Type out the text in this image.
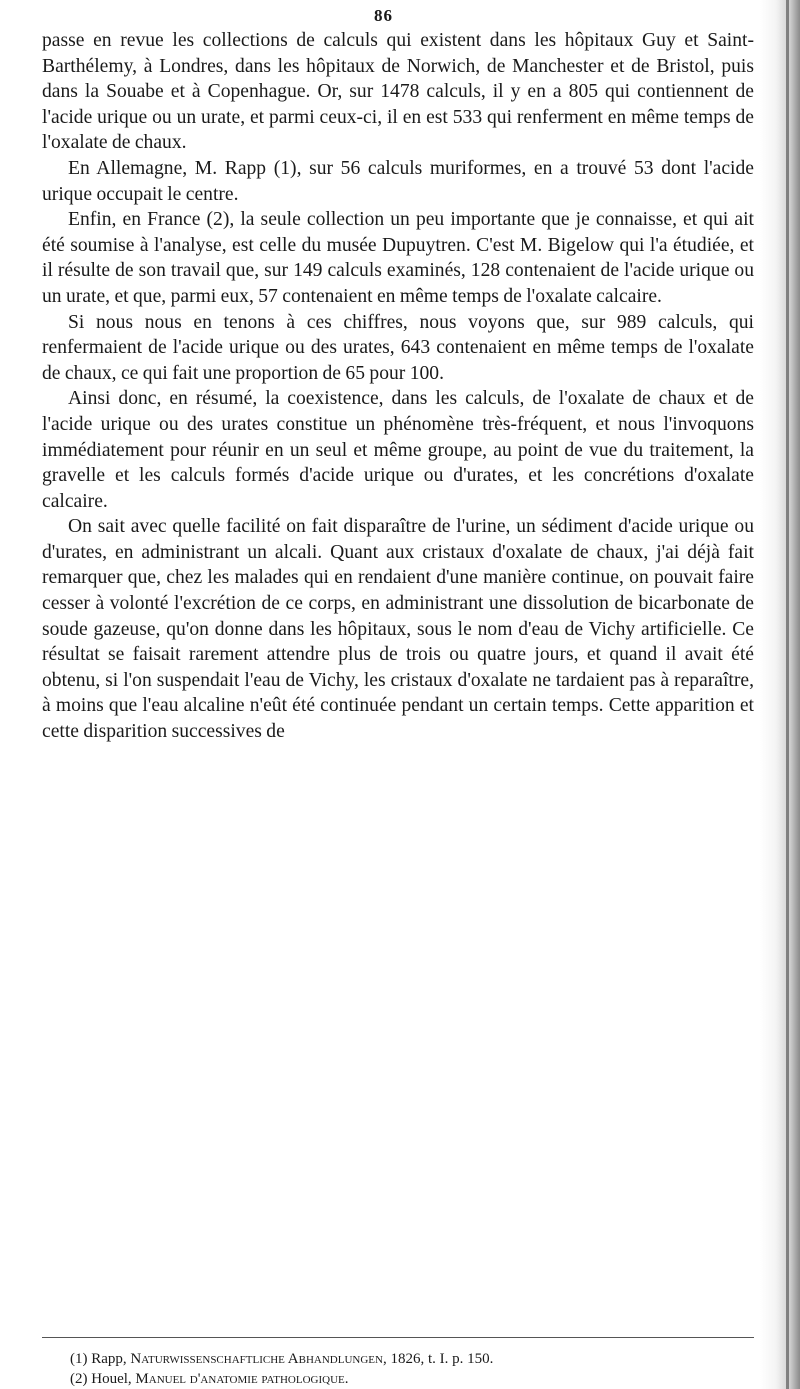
86

passe en revue les collections de calculs qui existent dans les hôpitaux Guy et Saint-Barthélemy, à Londres, dans les hôpitaux de Norwich, de Manchester et de Bristol, puis dans la Souabe et à Copenhague. Or, sur 1478 calculs, il y en a 805 qui contiennent de l'acide urique ou un urate, et parmi ceux-ci, il en est 533 qui renferment en même temps de l'oxalate de chaux.

En Allemagne, M. Rapp (1), sur 56 calculs muriformes, en a trouvé 53 dont l'acide urique occupait le centre.

Enfin, en France (2), la seule collection un peu importante que je connaisse, et qui ait été soumise à l'analyse, est celle du musée Dupuytren. C'est M. Bigelow qui l'a étudiée, et il résulte de son travail que, sur 149 calculs examinés, 128 contenaient de l'acide urique ou un urate, et que, parmi eux, 57 contenaient en même temps de l'oxalate calcaire.

Si nous nous en tenons à ces chiffres, nous voyons que, sur 989 calculs, qui renfermaient de l'acide urique ou des urates, 643 contenaient en même temps de l'oxalate de chaux, ce qui fait une proportion de 65 pour 100.

Ainsi donc, en résumé, la coexistence, dans les calculs, de l'oxalate de chaux et de l'acide urique ou des urates constitue un phénomène très-fréquent, et nous l'invoquons immédiatement pour réunir en un seul et même groupe, au point de vue du traitement, la gravelle et les calculs formés d'acide urique ou d'urates, et les concrétions d'oxalate calcaire.

On sait avec quelle facilité on fait disparaître de l'urine, un sédiment d'acide urique ou d'urates, en administrant un alcali. Quant aux cristaux d'oxalate de chaux, j'ai déjà fait remarquer que, chez les malades qui en rendaient d'une manière continue, on pouvait faire cesser à volonté l'excrétion de ce corps, en administrant une dissolution de bicarbonate de soude gazeuse, qu'on donne dans les hôpitaux, sous le nom d'eau de Vichy artificielle. Ce résultat se faisait rarement attendre plus de trois ou quatre jours, et quand il avait été obtenu, si l'on suspendait l'eau de Vichy, les cristaux d'oxalate ne tardaient pas à reparaître, à moins que l'eau alcaline n'eût été continuée pendant un certain temps. Cette apparition et cette disparition successives de

(1) Rapp, Naturwissenschaftliche Abhandlungen, 1826, t. I. p. 150.

(2) Houel, Manuel d'anatomie pathologique.
